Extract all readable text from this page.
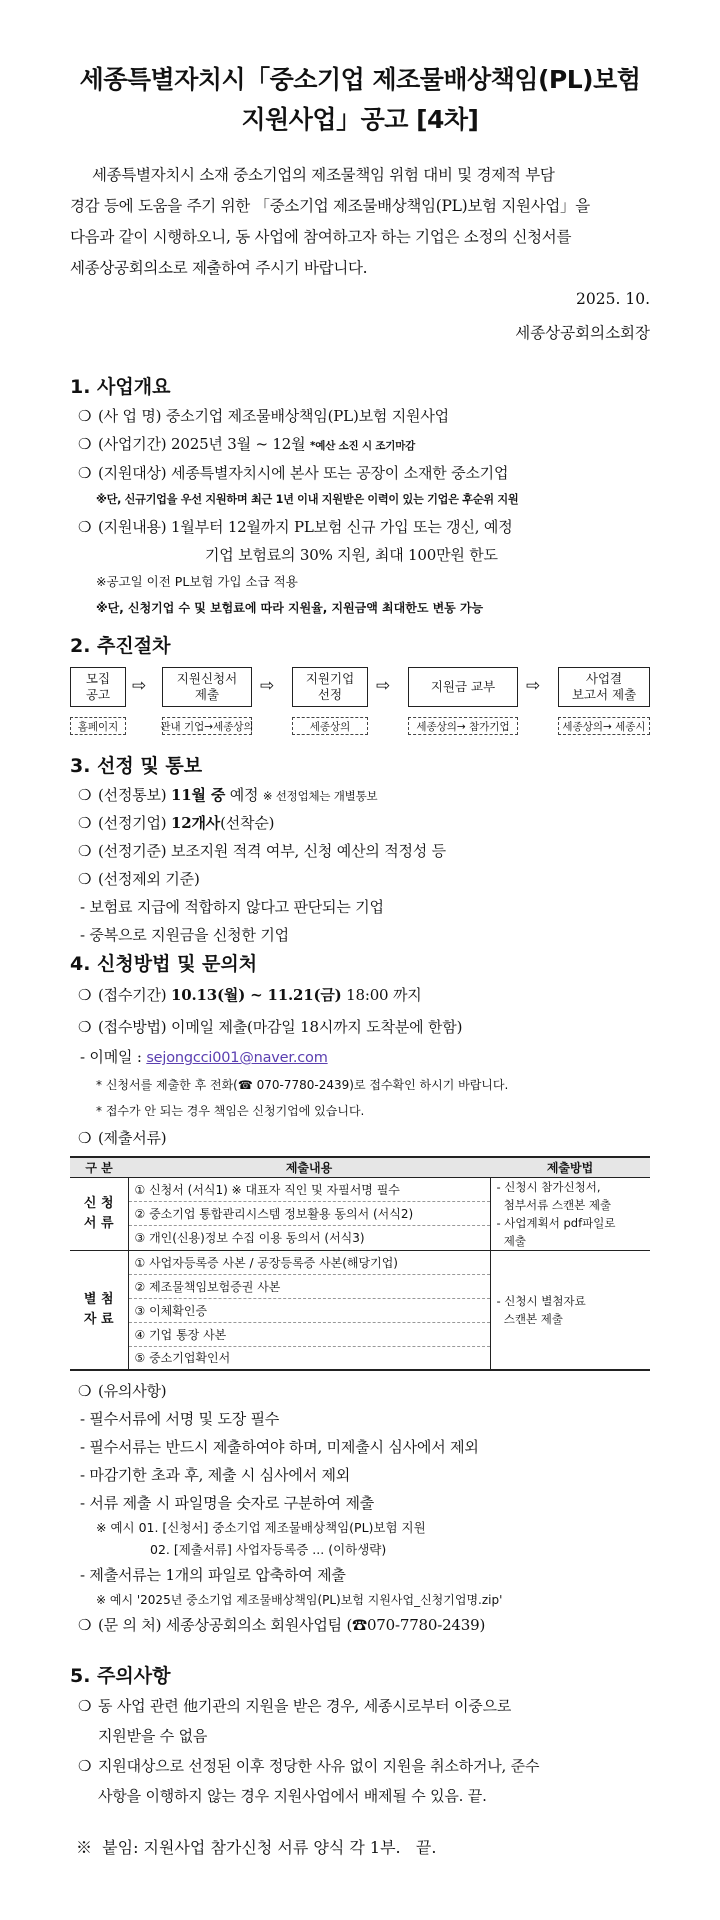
세종특별자치시「중소기업 제조물배상책임(PL)보험
지원사업」공고 [4차]
세종특별자치시 소재 중소기업의 제조물책임 위험 대비 및 경제적 부담
경감 등에 도움을 주기 위한 「중소기업 제조물배상책임(PL)보험 지원사업」을
다음과 같이 시행하오니, 동 사업에 참여하고자 하는 기업은 소정의 신청서를
세종상공회의소로 제출하여 주시기 바랍니다.
2025. 10.
세종상공회의소회장
1. 사업개요
❍ (사 업 명) 중소기업 제조물배상책임(PL)보험 지원사업
❍ (사업기간) 2025년 3월 ~ 12월 *예산 소진 시 조기마감
❍ (지원대상) 세종특별자치시에 본사 또는 공장이 소재한 중소기업
※단, 신규기업을 우선 지원하며 최근 1년 이내 지원받은 이력이 있는 기업은 후순위 지원
❍ (지원내용) 1월부터 12월까지 PL보험 신규 가입 또는 갱신, 예정
기업 보험료의 30% 지원, 최대 100만원 한도
※공고일 이전 PL보험 가입 소급 적용
※단, 신청기업 수 및 보험료에 따라 지원율, 지원금액 최대한도 변동 가능
2. 추진절차
모집
공고 ⇨ 지원신청서
제출	⇨	지원기업
선정	⇨	지원금 교부 ⇨	사업결
보고서 제출
홈페이지	관내 기업→세종상의	세종상의	세종상의→ 참가기업	세종상의→ 세종시
3. 선정 및 통보
❍ (선정통보) 11월 중 예정 ※ 선정업체는 개별통보
❍ (선정기업) 12개사(선착순)
❍ (선정기준) 보조지원 적격 여부, 신청 예산의 적정성 등
❍ (선정제외 기준)
- 보험료 지급에 적합하지 않다고 판단되는 기업
- 중복으로 지원금을 신청한 기업
4. 신청방법 및 문의처
❍ (접수기간) 10.13(월) ~ 11.21(금) 18:00 까지
❍ (접수방법) 이메일 제출(마감일 18시까지 도착분에 한함)
- 이메일 : sejongcci001@naver.com
* 신청서를 제출한 후 전화(☎ 070-7780-2439)로 접수확인 하시기 바랍니다.
* 접수가 안 되는 경우 책임은 신청기업에 있습니다.
❍ (제출서류)
구 분	제출내용	제출방법
신 청
서 류	① 신청서 (서식1) ※ 대표자 직인 및 자필서명 필수	- 신청시 참가신청서,
첨부서류 스캔본 제출
- 사업계획서 pdf파일로
제출
	② 중소기업 통합관리시스템 정보활용 동의서 (서식2)	
	③ 개인(신용)정보 수집 이용 동의서 (서식3)	
별 첨
자 료	① 사업자등록증 사본 / 공장등록증 사본(해당기업)	- 신청시 별첨자료
스캔본 제출
	② 제조물책임보험증권 사본	
	③ 이체확인증	
	④ 기업 통장 사본	
	⑤ 중소기업확인서	
❍ (유의사항)
- 필수서류에 서명 및 도장 필수
- 필수서류는 반드시 제출하여야 하며, 미제출시 심사에서 제외
- 마감기한 초과 후, 제출 시 심사에서 제외
- 서류 제출 시 파일명을 숫자로 구분하여 제출
※ 예시 01. [신청서] 중소기업 제조물배상책임(PL)보험 지원
02. [제출서류] 사업자등록증 ... (이하생략)
- 제출서류는 1개의 파일로 압축하여 제출
※ 예시 '2025년 중소기업 제조물배상책임(PL)보험 지원사업_신청기업명.zip'
❍ (문 의 처) 세종상공회의소 회원사업팀 (☎070-7780-2439)
5. 주의사항
❍ 동 사업 관련 他기관의 지원을 받은 경우, 세종시로부터 이중으로
지원받을 수 없음
❍ 지원대상으로 선정된 이후 정당한 사유 없이 지원을 취소하거나, 준수
사항을 이행하지 않는 경우 지원사업에서 배제될 수 있음. 끝.
※  붙임: 지원사업 참가신청 서류 양식 각 1부.   끝.
